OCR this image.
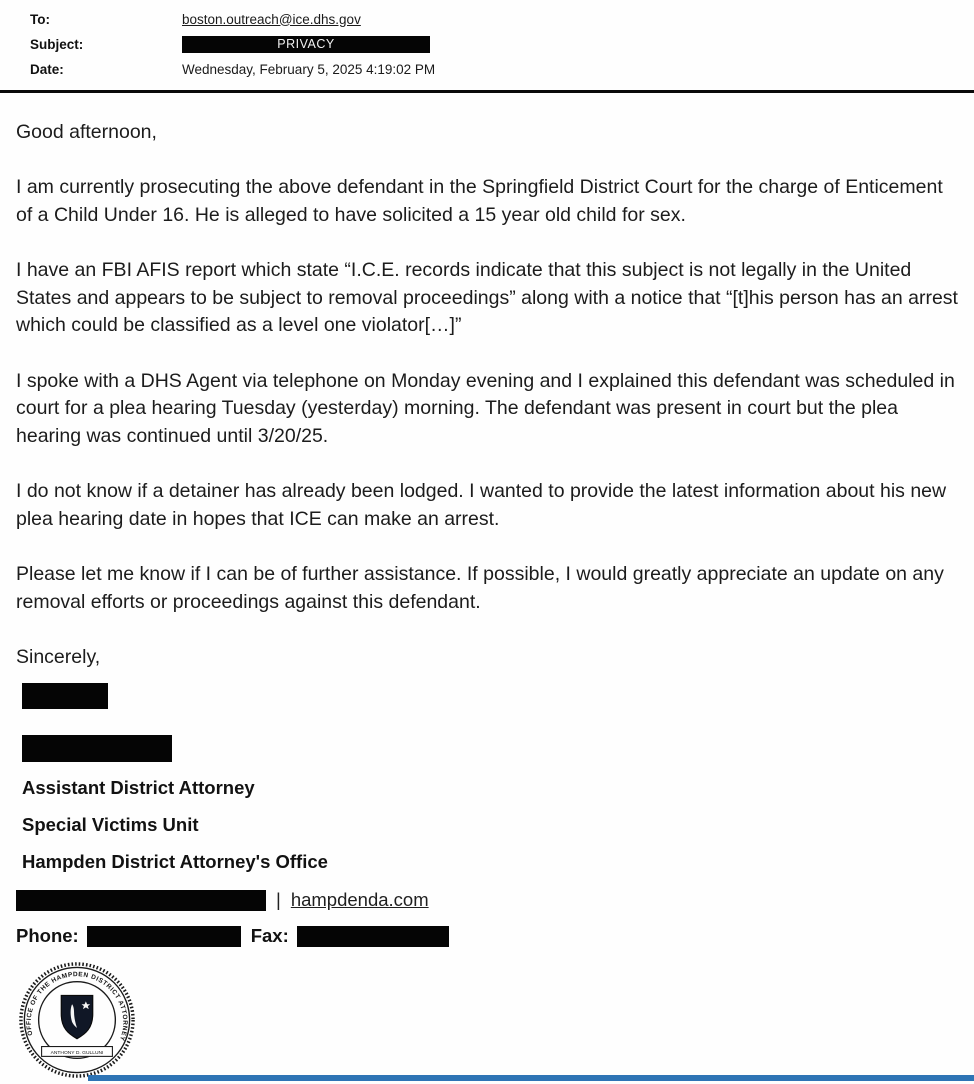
To:	boston.outreach@ice.dhs.gov
Subject:	PRIVACY
Date:	Wednesday, February 5, 2025 4:19:02 PM

Good afternoon,

I am currently prosecuting the above defendant in the Springfield District Court for the charge of Enticement of a Child Under 16. He is alleged to have solicited a 15 year old child for sex.

I have an FBI AFIS report which state “I.C.E. records indicate that this subject is not legally in the United States and appears to be subject to removal proceedings” along with a notice that “[t]his person has an arrest which could be classified as a level one violator[…]”

I spoke with a DHS Agent via telephone on Monday evening and I explained this defendant was scheduled in court for a plea hearing Tuesday (yesterday) morning. The defendant was present in court but the plea hearing was continued until 3/20/25.

I do not know if a detainer has already been lodged. I wanted to provide the latest information about his new plea hearing date in hopes that ICE can make an arrest.

Please let me know if I can be of further assistance. If possible, I would greatly appreciate an update on any removal efforts or proceedings against this defendant.

Sincerely,

Assistant District Attorney
Special Victims Unit
Hampden District Attorney's Office
| hampdenda.com
Phone:	Fax:
OFFICE OF THE HAMPDEN DISTRICT ATTORNEY
ANTHONY D. GULLUNI
